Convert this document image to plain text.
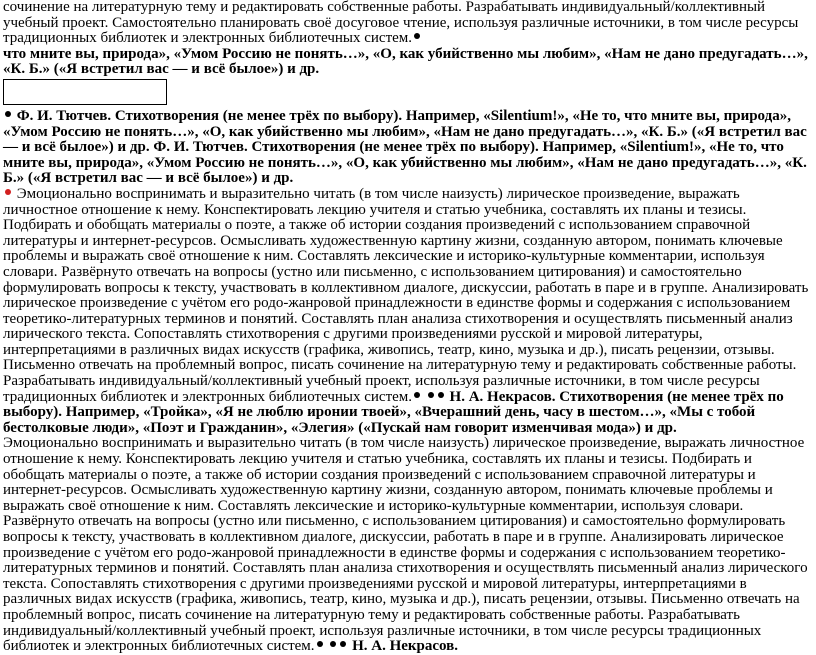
сочинение на литературную тему и редактировать собственные работы. Разрабатывать индивидуальный/коллективный учебный проект. Самостоятельно планировать своё досуговое чтение, используя различные источники, в том числе ресурсы традиционных библиотек и электронных библиотечных систем.

что мните вы, природа», «Умом Россию не понять…», «О, как убийственно мы любим», «Нам не дано предугадать…», «К. Б.» («Я встретил вас — и всё былое») и др.

Ф. И. Тютчев. Стихотворения (не менее трёх по выбору). Например, «Silentium!», «Не то, что мните вы, природа», «Умом Россию не понять…», «О, как убийственно мы любим», «Нам не дано предугадать…», «К. Б.» («Я встретил вас — и всё былое») и др. Ф. И. Тютчев. Стихотворения (не менее трёх по выбору). Например, «Silentium!», «Не то, что мните вы, природа», «Умом Россию не понять…», «О, как убийственно мы любим», «Нам не дано предугадать…», «К. Б.» («Я встретил вас — и всё былое») и др.

Эмоционально воспринимать и выразительно читать (в том числе наизусть) лирическое произведение, выражать личностное отношение к нему. Конспектировать лекцию учителя и статью учебника, составлять их планы и тезисы. Подбирать и обобщать материалы о поэте, а также об истории создания произведений с использованием справочной литературы и интернет-ресурсов. Осмысливать художественную картину жизни, созданную автором, понимать ключевые проблемы и выражать своё отношение к ним. Составлять лексические и историко-культурные комментарии, используя словари. Развёрнуто отвечать на вопросы (устно или письменно, с использованием цитирования) и самостоятельно формулировать вопросы к тексту, участвовать в коллективном диалоге, дискуссии, работать в паре и в группе. Анализировать лирическое произведение с учётом его родо-жанровой принадлежности в единстве формы и содержания с использованием теоретико-литературных терминов и понятий. Составлять план анализа стихотворения и осуществлять письменный анализ лирического текста. Сопоставлять стихотворения с другими произведениями русской и мировой литературы, интерпретациями в различных видах искусств (графика, живопись, театр, кино, музыка и др.), писать рецензии, отзывы. Письменно отвечать на проблемный вопрос, писать сочинение на литературную тему и редактировать собственные работы. Разрабатывать индивидуальный/коллективный учебный проект, используя различные источники, в том числе ресурсы традиционных библиотек и электронных библиотечных систем.	Н. А. Некрасов. Стихотворения (не менее трёх по выбору). Например, «Тройка», «Я не люблю иронии твоей», «Вчерашний день, часу в шестом…», «Мы с тобой бестолковые люди», «Поэт и Гражданин», «Элегия» («Пускай нам говорит изменчивая мода») и др.

Эмоционально воспринимать и выразительно читать (в том числе наизусть) лирическое произведение, выражать личностное отношение к нему. Конспектировать лекцию учителя и статью учебника, составлять их планы и тезисы. Подбирать и обобщать материалы о поэте, а также об истории создания произведений с использованием справочной литературы и интернет-ресурсов. Осмысливать художественную картину жизни, созданную автором, понимать ключевые проблемы и выражать своё отношение к ним. Составлять лексические и историко-культурные комментарии, используя словари. Развёрнуто отвечать на вопросы (устно или письменно, с использованием цитирования) и самостоятельно формулировать вопросы к тексту, участвовать в коллективном диалоге, дискуссии, работать в паре и в группе. Анализировать лирическое произведение с учётом его родо-жанровой принадлежности в единстве формы и содержания с использованием теоретико-литературных терминов и понятий. Составлять план анализа стихотворения и осуществлять письменный анализ лирического текста. Сопоставлять стихотворения с другими произведениями русской и мировой литературы, интерпретациями в различных видах искусств (графика, живопись, театр, кино, музыка и др.), писать рецензии, отзывы. Письменно отвечать на проблемный вопрос, писать сочинение на литературную тему и редактировать собственные работы. Разрабатывать индивидуальный/коллективный учебный проект, используя различные источники, в том числе ресурсы традиционных библиотек и электронных библиотечных систем.	Н. А. Некрасов.
